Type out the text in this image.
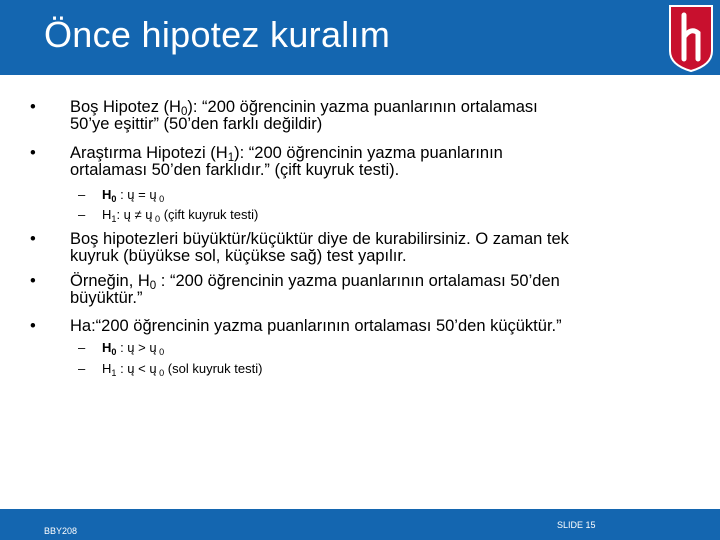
Önce hipotez kuralım
• Boş Hipotez $(H_0)$: “200 öğrencinin yazma puanlarının ortalaması
50’ye eşittir” (50’den farklı değildir)
• Araştırma Hipotezi $(H_1)$: “200 öğrencinin yazma puanlarının
ortalaması 50’den farklıdır.” (çift kuyruk testi).
– $H_0$ : ų = ų $_0$
– $H_1$: ų ≠ ų $_0$ (çift kuyruk testi)
• Boş hipotezleri büyüktür/küçüktür diye de kurabilirsiniz. O zaman tek
kuyruk (büyükse sol, küçükse sağ) test yapılır.
• Örneğin, $H_0$ : “200 öğrencinin yazma puanlarının ortalaması 50’den
büyüktür.”
• Ha:“200 öğrencinin yazma puanlarının ortalaması 50’den küçüktür.”
– $H_0$ : ų > ų $_0$
– $H_1$ : ų < ų $_0$ (sol kuyruk testi)
BBY208
SLIDE 15
